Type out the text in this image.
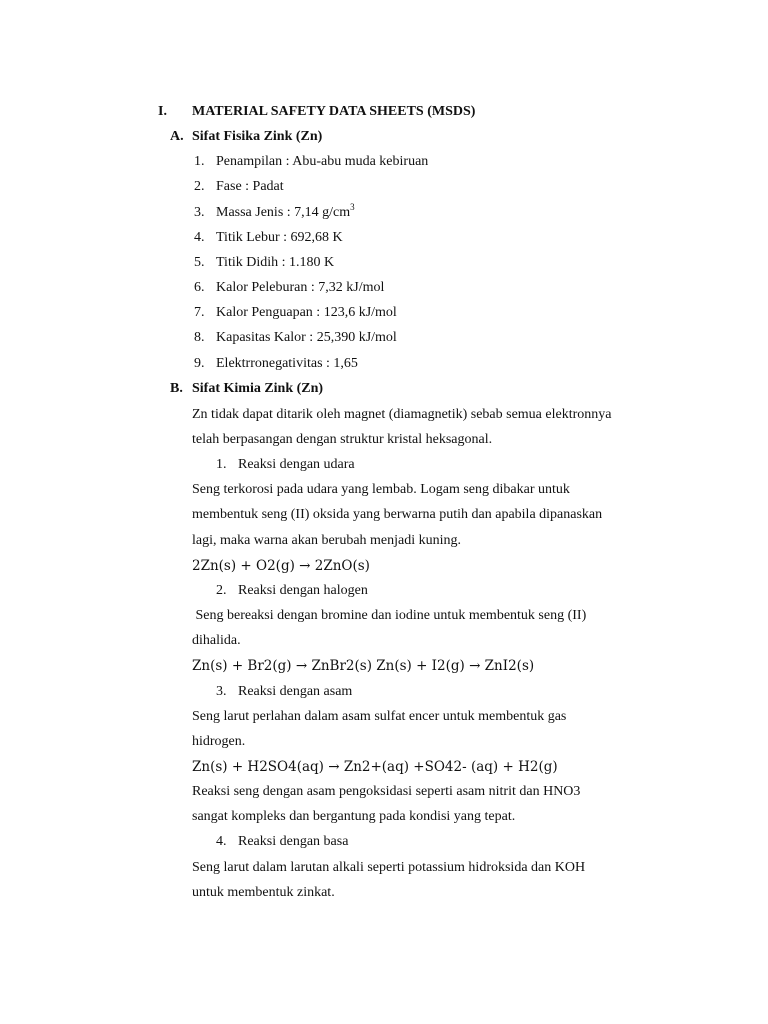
I. MATERIAL SAFETY DATA SHEETS (MSDS)
A. Sifat Fisika Zink (Zn)
1. Penampilan : Abu-abu muda kebiruan
2. Fase : Padat
3. Massa Jenis : 7,14 $g/cm^3$
4. Titik Lebur : 692,68 K
5. Titik Didih : 1.180 K
6. Kalor Peleburan : 7,32 kJ/mol
7. Kalor Penguapan : 123,6 kJ/mol
8. Kapasitas Kalor : 25,390 kJ/mol
9. Elektrronegativitas : 1,65
B. Sifat Kimia Zink (Zn)
Zn tidak dapat ditarik oleh magnet (diamagnetik) sebab semua elektronnya
telah berpasangan dengan struktur kristal heksagonal.
1. Reaksi dengan udara
Seng terkorosi pada udara yang lembab. Logam seng dibakar untuk
membentuk seng (II) oksida yang berwarna putih dan apabila dipanaskan
lagi, maka warna akan berubah menjadi kuning.
2Zn(s) + O2(g) → 2ZnO(s)
2. Reaksi dengan halogen
Seng bereaksi dengan bromine dan iodine untuk membentuk seng (II)
dihalida.
Zn(s) + Br2(g) → ZnBr2(s) Zn(s) + I2(g) → ZnI2(s)
3. Reaksi dengan asam
Seng larut perlahan dalam asam sulfat encer untuk membentuk gas
hidrogen.
Zn(s) + H2SO4(aq) → Zn2+(aq) +SO42- (aq) + H2(g)
Reaksi seng dengan asam pengoksidasi seperti asam nitrit dan HNO3
sangat kompleks dan bergantung pada kondisi yang tepat.
4. Reaksi dengan basa
Seng larut dalam larutan alkali seperti potassium hidroksida dan KOH
untuk membentuk zinkat.
